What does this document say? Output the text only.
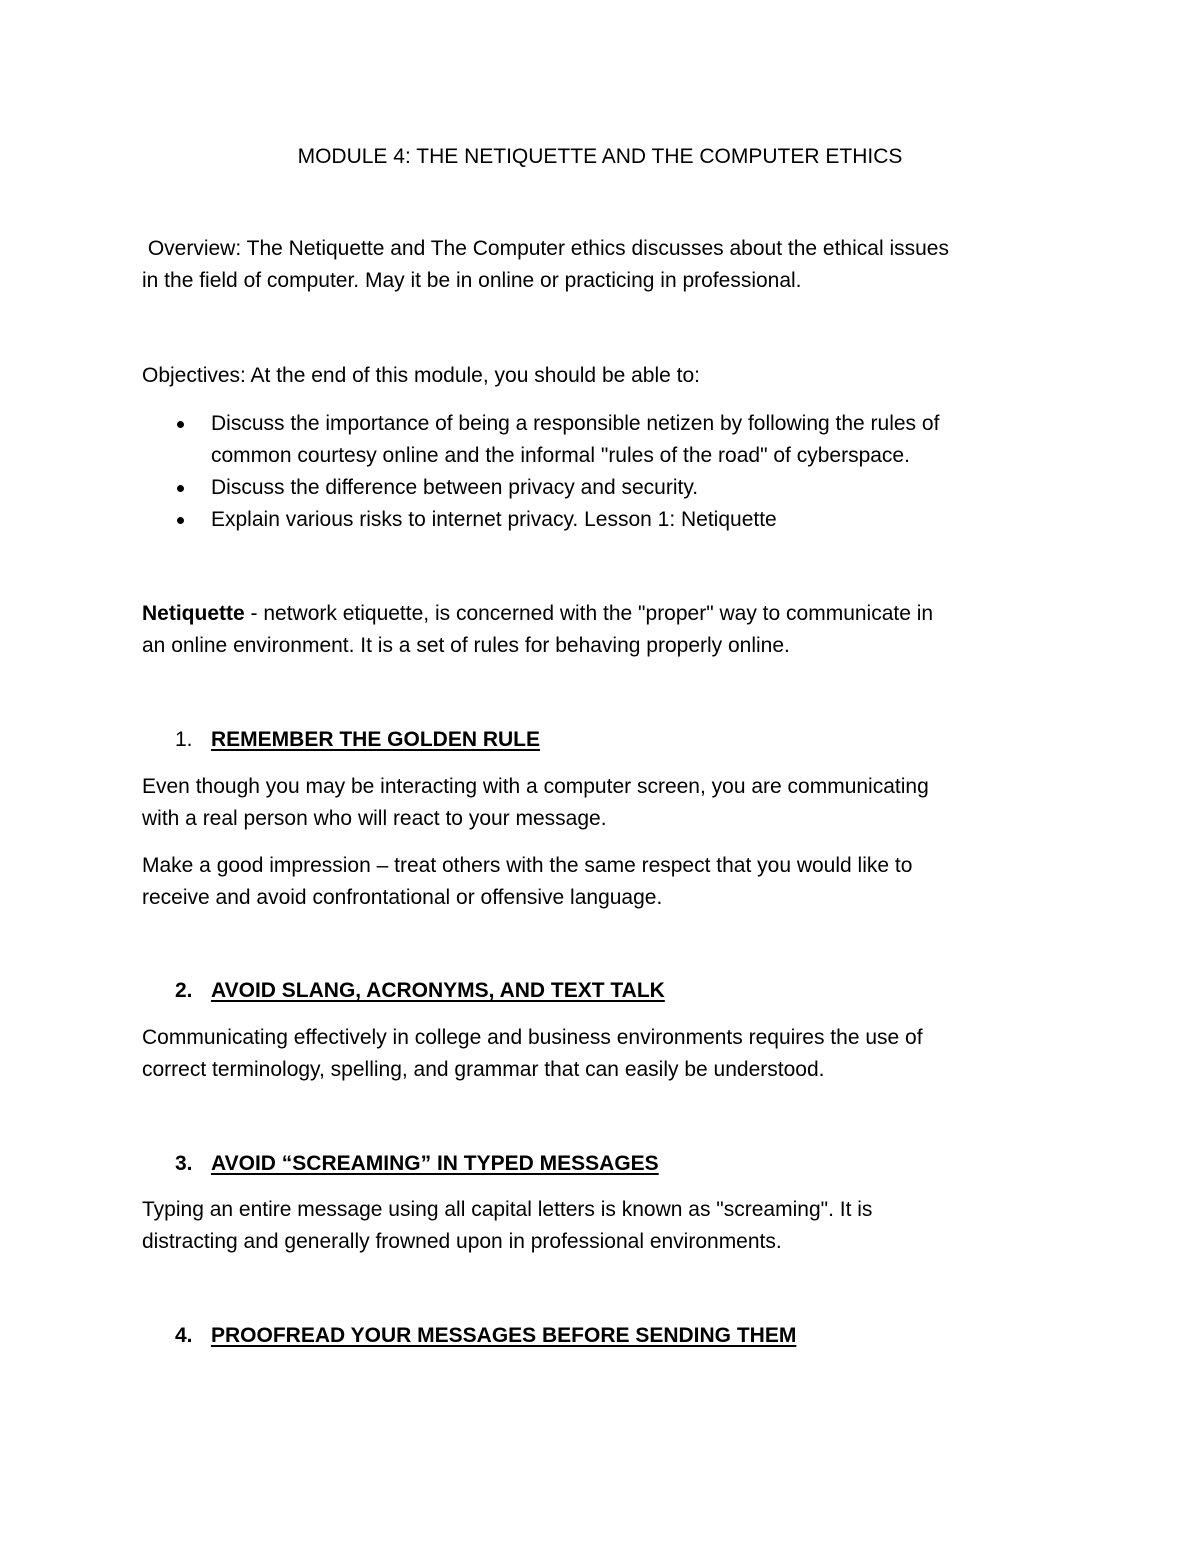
MODULE 4: THE NETIQUETTE AND THE COMPUTER ETHICS

Overview: The Netiquette and The Computer ethics discusses about the ethical issues
in the field of computer. May it be in online or practicing in professional.

Objectives: At the end of this module, you should be able to:

Discuss the importance of being a responsible netizen by following the rules of
common courtesy online and the informal "rules of the road" of cyberspace.
Discuss the difference between privacy and security.
Explain various risks to internet privacy. Lesson 1: Netiquette

Netiquette - network etiquette, is concerned with the "proper" way to communicate in
an online environment. It is a set of rules for behaving properly online.

1. REMEMBER THE GOLDEN RULE

Even though you may be interacting with a computer screen, you are communicating
with a real person who will react to your message.

Make a good impression – treat others with the same respect that you would like to
receive and avoid confrontational or offensive language.

2. AVOID SLANG, ACRONYMS, AND TEXT TALK

Communicating effectively in college and business environments requires the use of
correct terminology, spelling, and grammar that can easily be understood.

3. AVOID “SCREAMING” IN TYPED MESSAGES

Typing an entire message using all capital letters is known as "screaming". It is
distracting and generally frowned upon in professional environments.

4. PROOFREAD YOUR MESSAGES BEFORE SENDING THEM
